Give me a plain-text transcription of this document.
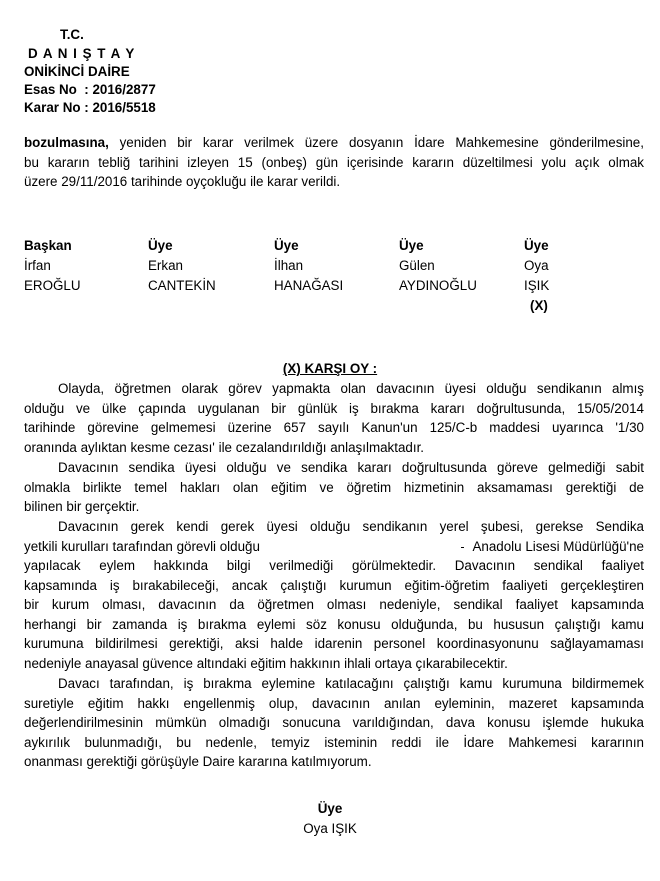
T.C.
D A N I Ş T A Y
ONİKİNCİ DAİRE
Esas No  : 2016/2877
Karar No : 2016/5518
bozulmasına, yeniden bir karar verilmek üzere dosyanın İdare Mahkemesine gönderilmesine,
bu kararın tebliğ tarihini izleyen 15 (onbeş) gün içerisinde kararın düzeltilmesi yolu açık olmak
üzere 29/11/2016 tarihinde oyçokluğu ile karar verildi.
Başkan	Üye	Üye	Üye	Üye
İrfan	Erkan	İlhan	Gülen	Oya
EROĞLU	CANTEKİN	HANAĞASI	AYDINOĞLU	IŞIK
				(X)
(X) KARŞI OY :
Olayda, öğretmen olarak görev yapmakta olan davacının üyesi olduğu sendikanın almış
olduğu ve ülke çapında uygulanan bir günlük iş bırakma kararı doğrultusunda, 15/05/2014
tarihinde görevine gelmemesi üzerine 657 sayılı Kanun'un 125/C-b maddesi uyarınca '1/30
oranında aylıktan kesme cezası' ile cezalandırıldığı anlaşılmaktadır.
Davacının sendika üyesi olduğu ve sendika kararı doğrultusunda göreve gelmediği sabit
olmakla birlikte temel hakları olan eğitim ve öğretim hizmetinin aksamaması gerektiği de
bilinen bir gerçektir.
Davacının gerek kendi gerek üyesi olduğu sendikanın yerel şubesi, gerekse Sendika
yetkili kurulları tarafından görevli olduğu	Anadolu Lisesi Müdürlüğü'ne
yapılacak eylem hakkında bilgi verilmediği görülmektedir. Davacının sendikal faaliyet
kapsamında iş bırakabileceği, ancak çalıştığı kurumun eğitim-öğretim faaliyeti gerçekleştiren
bir kurum olması, davacının da öğretmen olması nedeniyle, sendikal faaliyet kapsamında
herhangi bir zamanda iş bırakma eylemi söz konusu olduğunda, bu hususun çalıştığı kamu
kurumuna bildirilmesi gerektiği, aksi halde idarenin personel koordinasyonunu sağlayamaması
nedeniyle anayasal güvence altındaki eğitim hakkının ihlali ortaya çıkarabilecektir.
Davacı tarafından, iş bırakma eylemine katılacağını çalıştığı kamu kurumuna bildirmemek
suretiyle eğitim hakkı engellenmiş olup, davacının anılan eyleminin, mazeret kapsamında
değerlendirilmesinin mümkün olmadığı sonucuna varıldığından, dava konusu işlemde hukuka
aykırılık bulunmadığı, bu nedenle, temyiz isteminin reddi ile İdare Mahkemesi kararının
onanması gerektiği görüşüyle Daire kararına katılmıyorum.
Üye
Oya IŞIK
